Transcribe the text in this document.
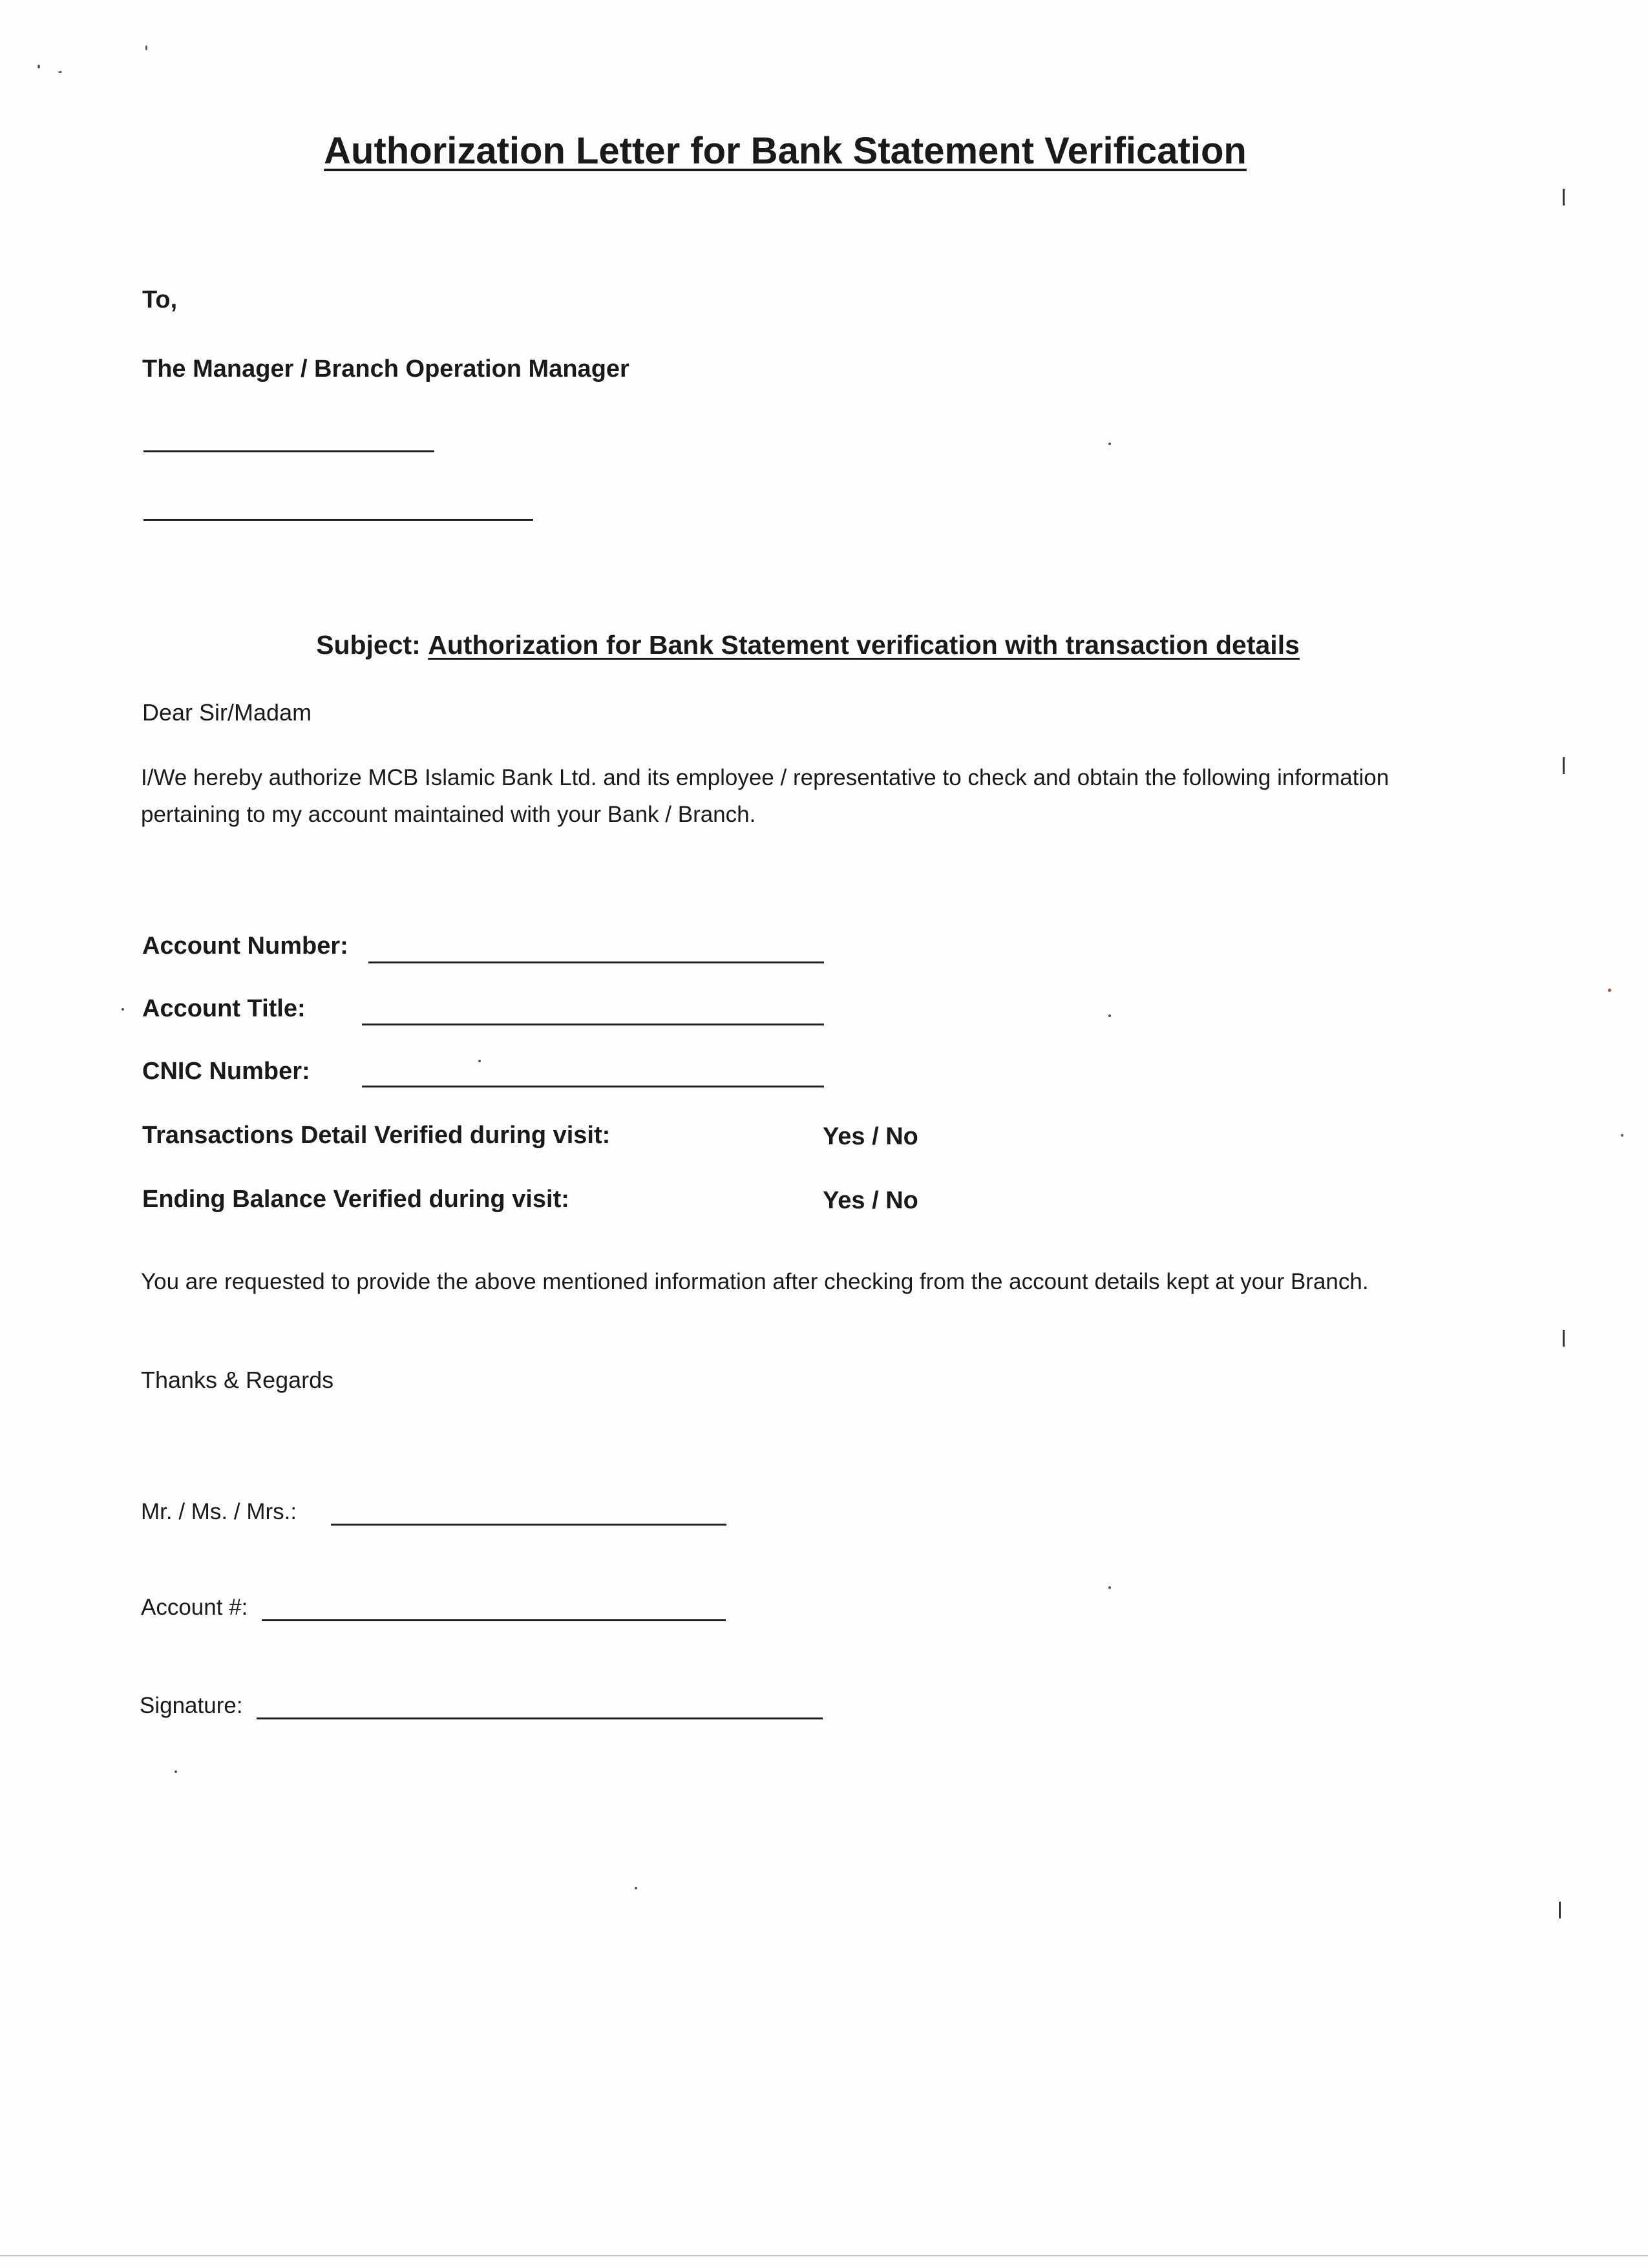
Authorization Letter for Bank Statement Verification
To,
The Manager / Branch Operation Manager
Subject: Authorization for Bank Statement verification with transaction details
Dear Sir/Madam
I/We hereby authorize MCB Islamic Bank Ltd. and its employee / representative to check and obtain the following information pertaining to my account maintained with your Bank / Branch.
Account Number:
Account Title:
CNIC Number:
Transactions Detail Verified during visit:	Yes / No
Ending Balance Verified during visit:	Yes / No
You are requested to provide the above mentioned information after checking from the account details kept at your Branch.
Thanks & Regards
Mr. / Ms. / Mrs.:
Account #:
Signature:
